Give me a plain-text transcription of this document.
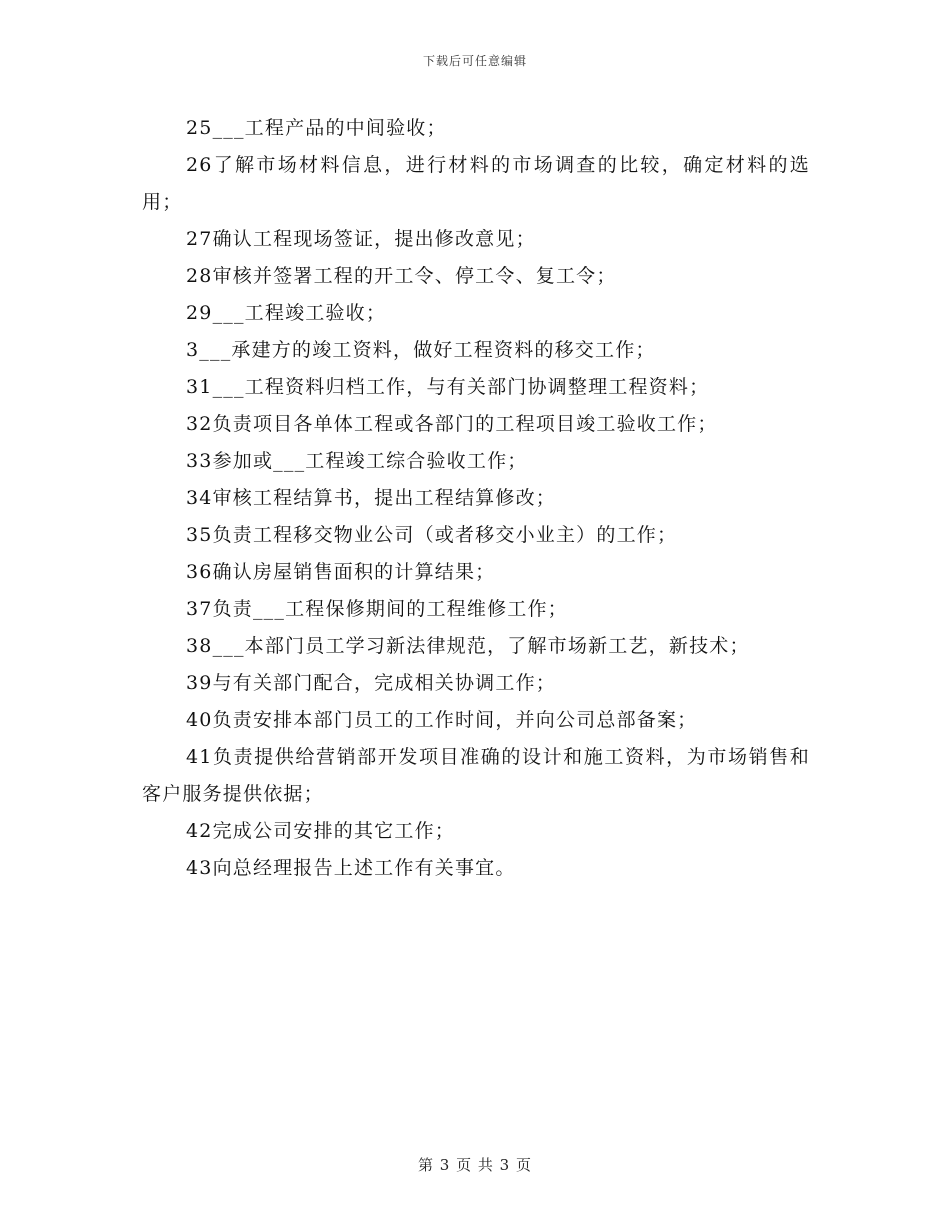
下载后可任意编辑

25___工程产品的中间验收；

26了解市场材料信息，进行材料的市场调查的比较，确定材料的选用；

27确认工程现场签证，提出修改意见；

28审核并签署工程的开工令、停工令、复工令；

29___工程竣工验收；

3___承建方的竣工资料，做好工程资料的移交工作；

31___工程资料归档工作，与有关部门协调整理工程资料；

32负责项目各单体工程或各部门的工程项目竣工验收工作；

33参加或___工程竣工综合验收工作；

34审核工程结算书，提出工程结算修改；

35负责工程移交物业公司（或者移交小业主）的工作；

36确认房屋销售面积的计算结果；

37负责___工程保修期间的工程维修工作；

38___本部门员工学习新法律规范，了解市场新工艺，新技术；

39与有关部门配合，完成相关协调工作；

40负责安排本部门员工的工作时间，并向公司总部备案；

41负责提供给营销部开发项目准确的设计和施工资料，为市场销售和客户服务提供依据；

42完成公司安排的其它工作；

43向总经理报告上述工作有关事宜。

第 3 页 共 3 页
